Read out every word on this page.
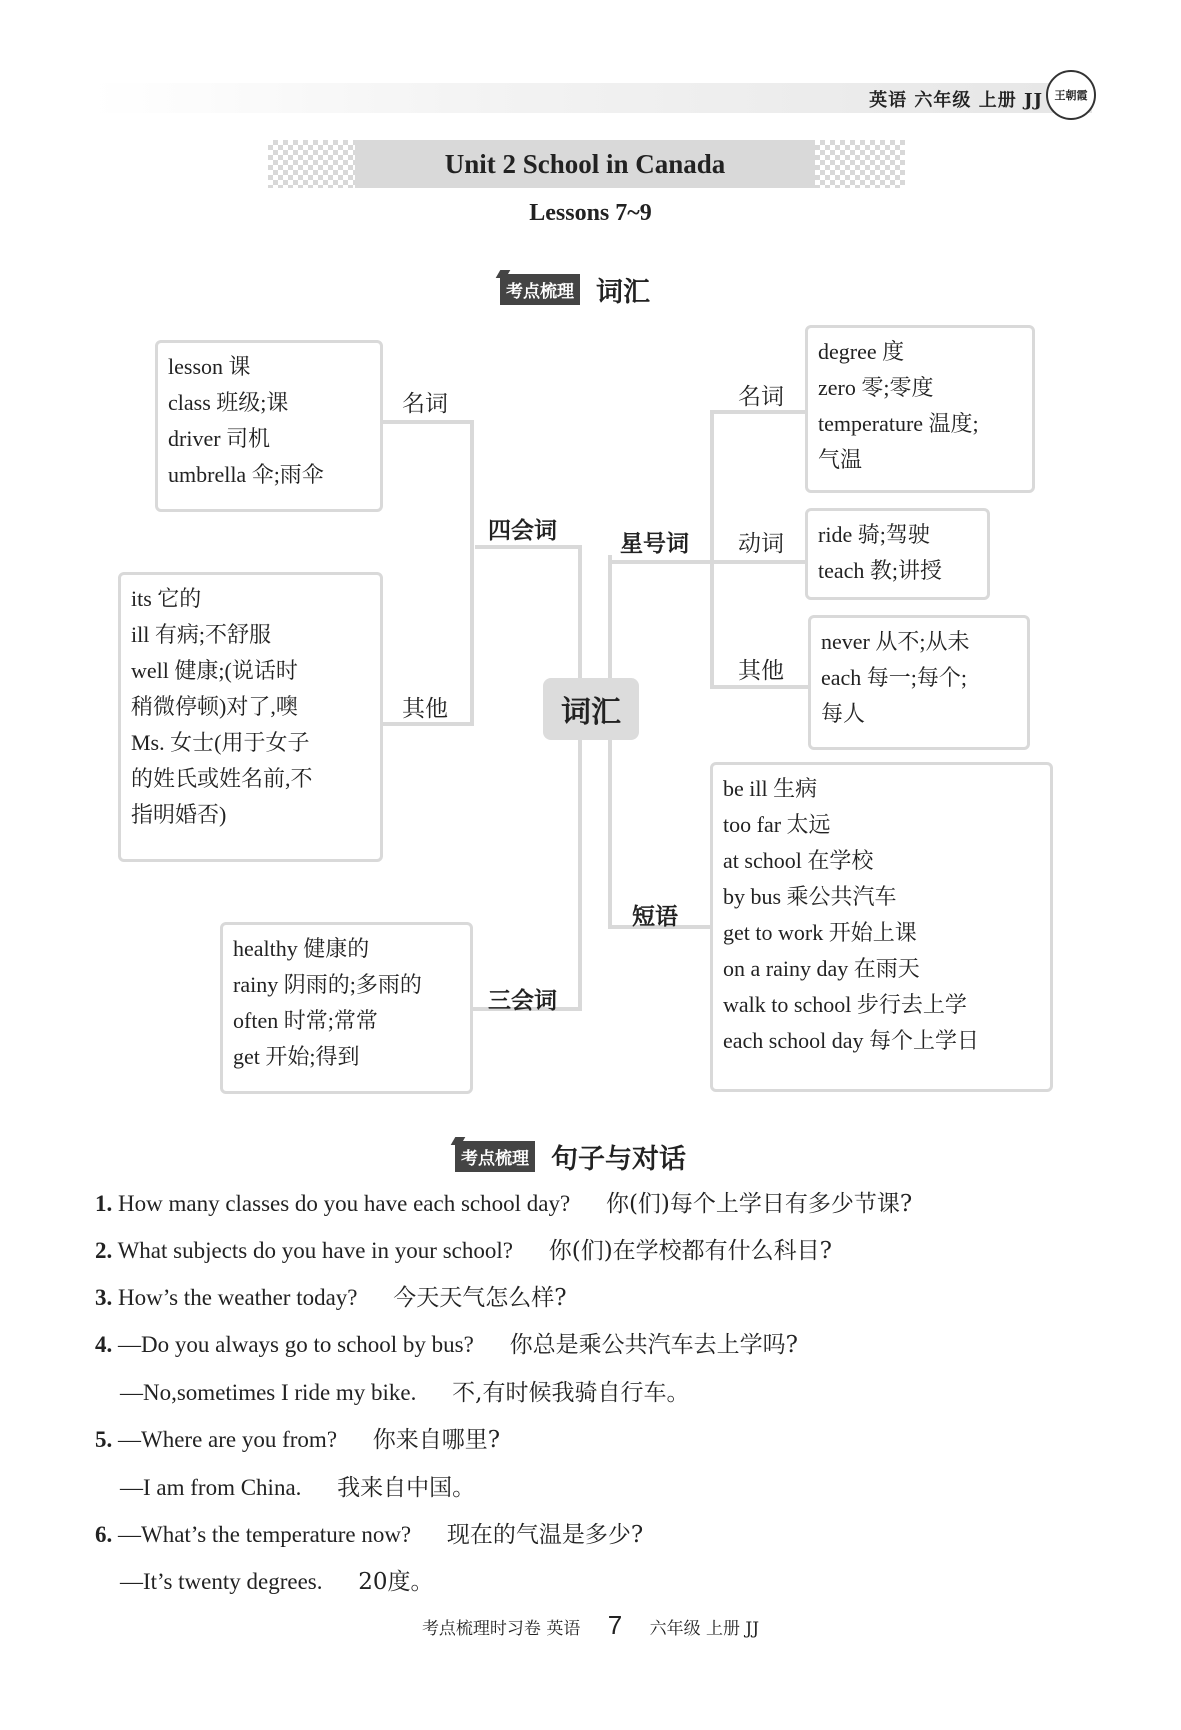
英语 六年级 上册 JJ 王朝霞
Unit 2 School in Canada
Lessons 7~9
考点梳理 词汇
词汇
四会词
名词
lesson 课
class 班级;课
driver 司机
umbrella 伞;雨伞
其他
its 它的
ill 有病;不舒服
well 健康;(说话时
稍微停顿)对了,噢
Ms. 女士(用于女子
的姓氏或姓名前,不
指明婚否)
三会词
healthy 健康的
rainy 阴雨的;多雨的
often 时常;常常
get 开始;得到
星号词
名词
degree 度
zero 零;零度
temperature 温度;
气温
动词 ride 骑;驾驶
teach 教;讲授
其他
never 从不;从未
each 每一;每个;
每人
短语
be ill 生病
too far 太远
at school 在学校
by bus 乘公共汽车
get to work 开始上课
on a rainy day 在雨天
walk to school 步行去上学
each school day 每个上学日
考点梳理 句子与对话
1. How many classes do you have each school day? 你(们)每个上学日有多少节课?
2. What subjects do you have in your school? 你(们)在学校都有什么科目?
3. How’s the weather today? 今天天气怎么样?
4. —Do you always go to school by bus? 你总是乘公共汽车去上学吗?
—No,sometimes I ride my bike. 不,有时候我骑自行车。
5. —Where are you from? 你来自哪里?
—I am from China. 我来自中国。
6. —What’s the temperature now? 现在的气温是多少?
—It’s twenty degrees. 20度。
考点梳理时习卷 英语 7 六年级 上册 JJ
